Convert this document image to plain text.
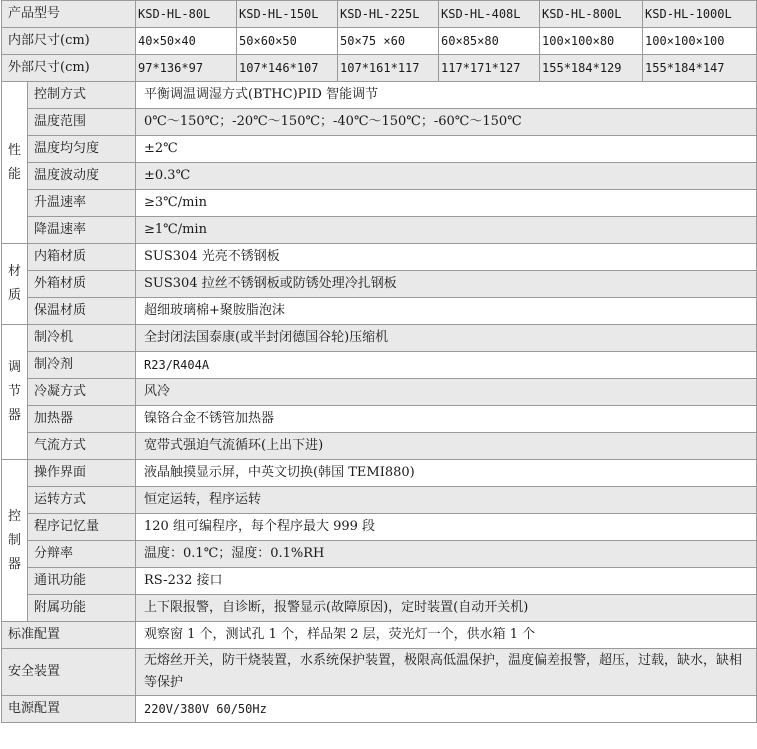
产品型号		KSD-HL-80L	KSD-HL-150L	KSD-HL-225L	KSD-HL-408L	KSD-HL-800L	KSD-HL-1000L
内部尺寸(cm)		40×50×40	50×60×50	50×75 ×60	60×85×80	100×100×80	100×100×100
外部尺寸(cm)		97*136*97	107*146*107	107*161*117	117*171*127	155*184*129	155*184*147

性能	控制方式	平衡调温调湿方式(BTHC)PID 智能调节					
	温度范围	0℃～150℃；-20℃～150℃；-40℃～150℃；-60℃～150℃					
	温度均匀度	±2℃					
	温度波动度	±0.3℃					
	升温速率	≥3℃/min					
	降温速率	≥1℃/min					

材质	内箱材质	SUS304 光亮不锈钢板					
	外箱材质	SUS304 拉丝不锈钢板或防锈处理冷扎钢板					
	保温材质	超细玻璃棉+聚胺脂泡沫					

调节器	制冷机	全封闭法国泰康(或半封闭德国谷轮)压缩机					
	制冷剂	R23/R404A					
	冷凝方式	风冷					
	加热器	镍铬合金不锈管加热器					
	气流方式	宽带式强迫气流循环(上出下进)					

控制器	操作界面	液晶触摸显示屏，中英文切换(韩国 TEMI880)					
	运转方式	恒定运转，程序运转					
	程序记忆量	120 组可编程序，每个程序最大 999 段					
	分辩率	温度：0.1℃；湿度：0.1%RH					
	通讯功能	RS-232 接口					
	附属功能	上下限报警，自诊断，报警显示(故障原因)，定时装置(自动开关机)					
标准配置		观察窗 1 个，测试孔 1 个，样品架 2 层，荧光灯一个，供水箱 1 个					
安全装置		无熔丝开关，防干烧装置，水系统保护装置，极限高低温保护，温度偏差报警，超压，过载，缺水，缺相等保护					
电源配置		220V/380V 60/50Hz					
